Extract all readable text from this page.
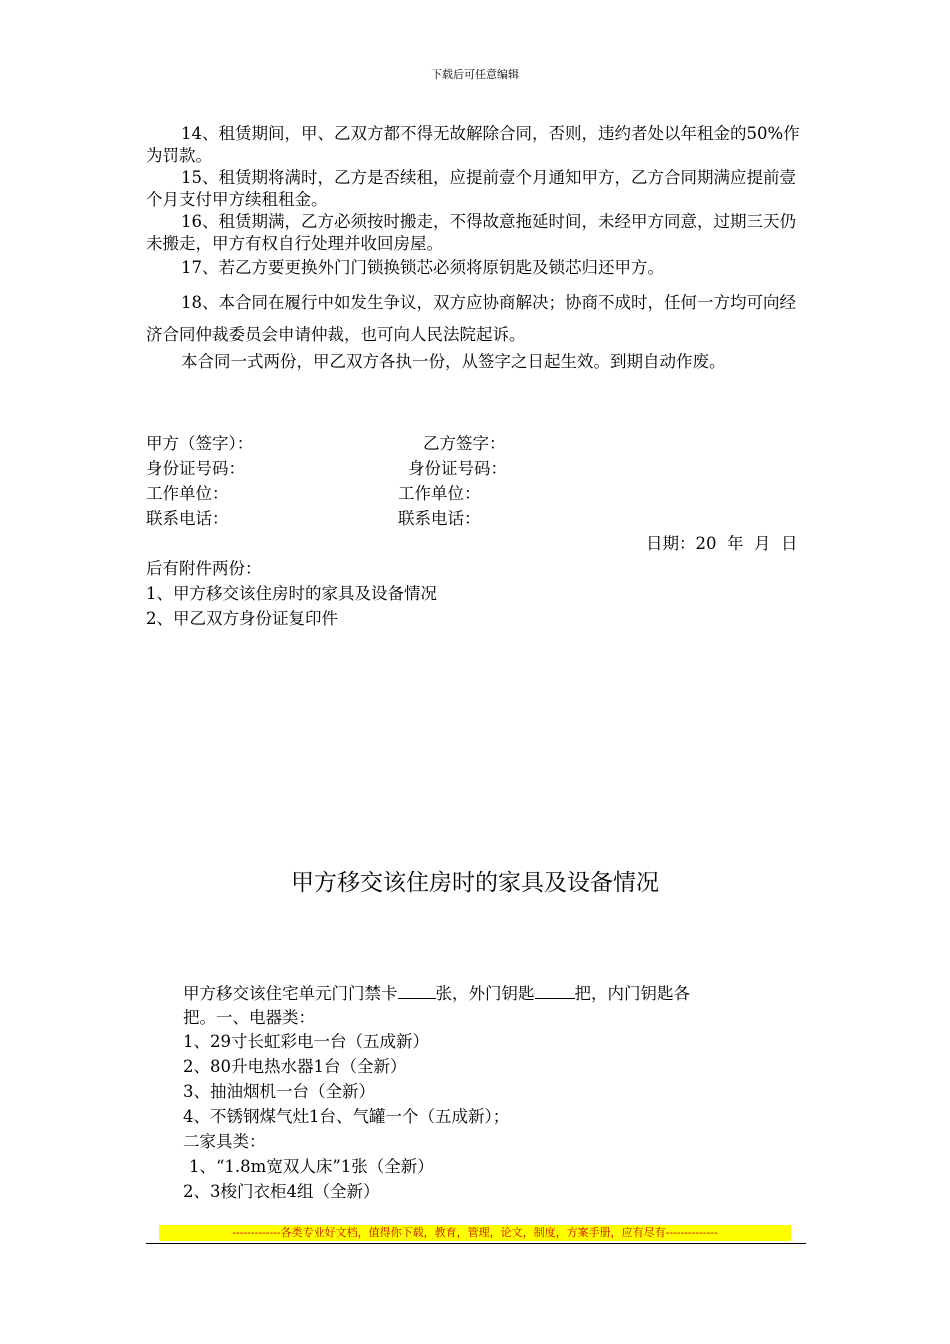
下载后可任意编辑

14、租赁期间，甲、乙双方都不得无故解除合同，否则，违约者处以年租金的50%作为罚款。

15、租赁期将满时，乙方是否续租，应提前壹个月通知甲方，乙方合同期满应提前壹个月支付甲方续租租金。

16、租赁期满，乙方必须按时搬走，不得故意拖延时间，未经甲方同意，过期三天仍未搬走，甲方有权自行处理并收回房屋。

17、若乙方要更换外门门锁换锁芯必须将原钥匙及锁芯归还甲方。

18、本合同在履行中如发生争议，双方应协商解决；协商不成时，任何一方均可向经济合同仲裁委员会申请仲裁，也可向人民法院起诉。

本合同一式两份，甲乙双方各执一份，从签字之日起生效。到期自动作废。

甲方（签字）：	乙方签字：
身份证号码：	身份证号码：
工作单位：	工作单位：
联系电话：	联系电话：
日期：20  年  月  日
后有附件两份：
1、甲方移交该住房时的家具及设备情况
2、甲乙双方身份证复印件
甲方移交该住房时的家具及设备情况
甲方移交该住宅单元门门禁卡 张，外门钥匙 把，内门钥匙各
把。一、电器类：
1、29寸长虹彩电一台（五成新）
2、80升电热水器1台（全新）
3、抽油烟机一台（全新）
4、不锈钢煤气灶1台、气罐一个（五成新）；
二家具类：
1、“1.8m宽双人床”1张（全新）
2、3梭门衣柜4组（全新）
-------------各类专业好文档，值得你下载，教育，管理，论文，制度，方案手册，应有尽有--------------
